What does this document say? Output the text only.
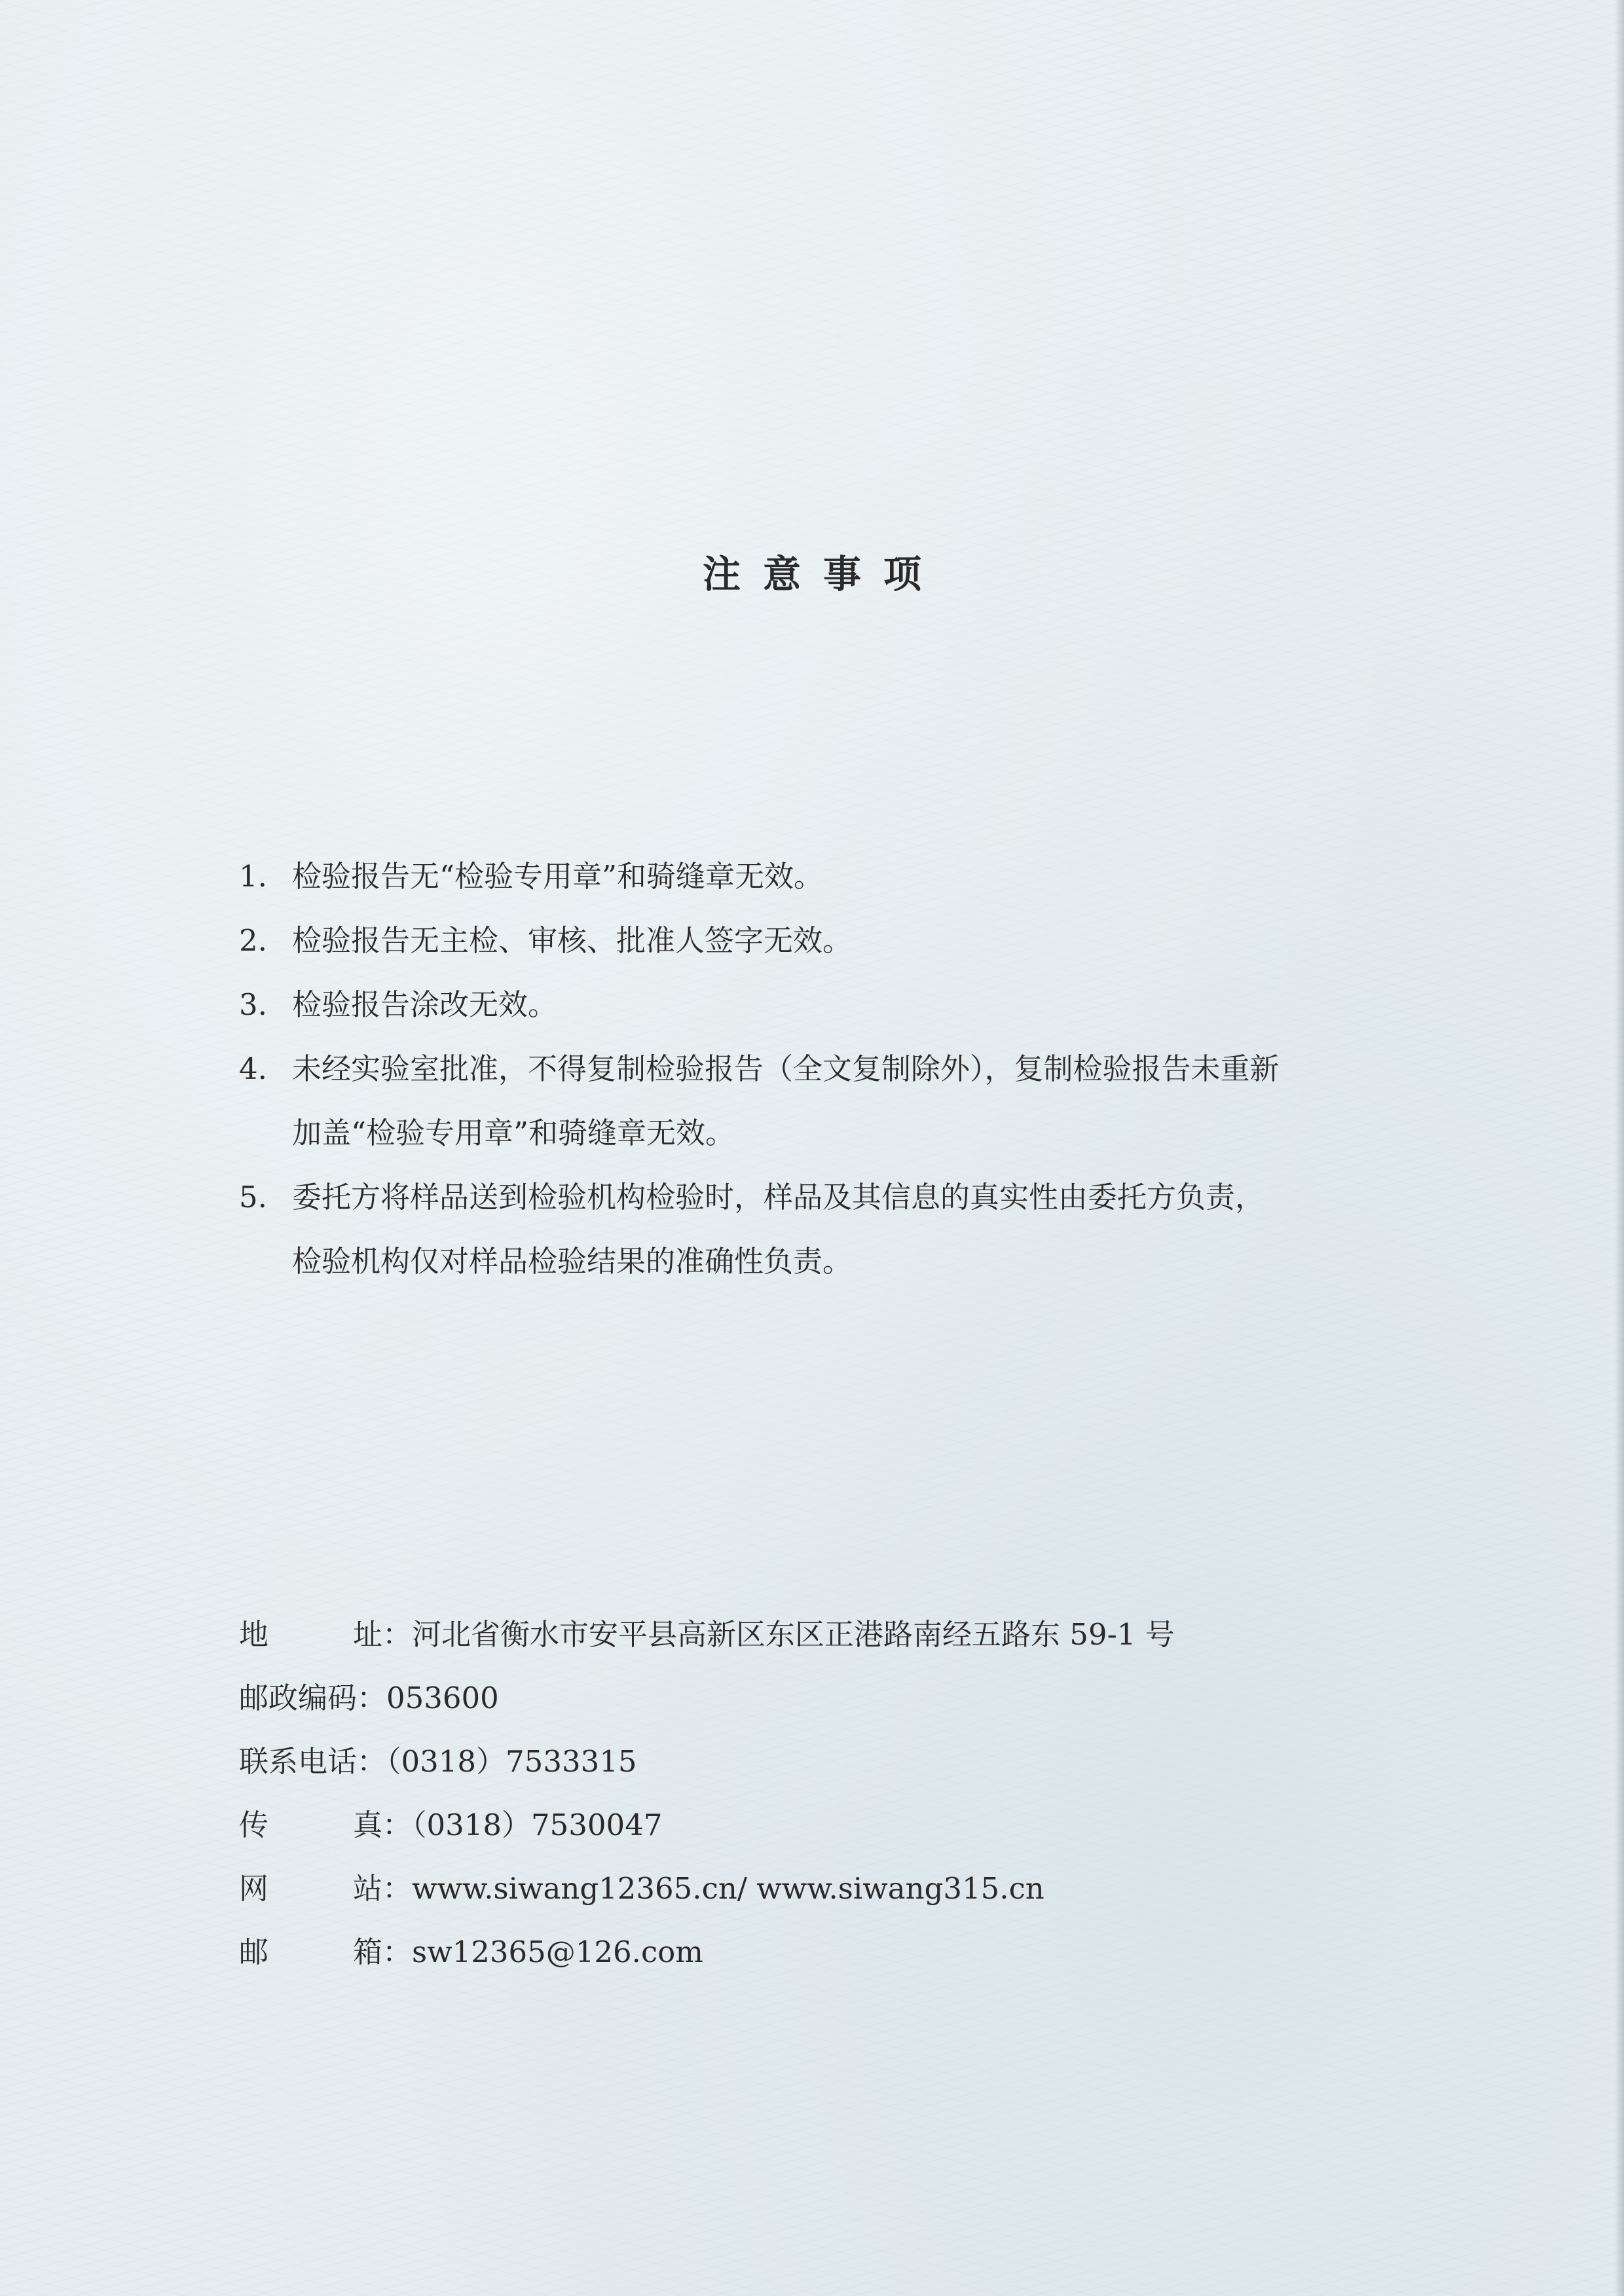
注意事项
1. 检验报告无“检验专用章”和骑缝章无效。
2. 检验报告无主检、审核、批准人签字无效。
3. 检验报告涂改无效。
4. 未经实验室批准，不得复制检验报告（全文复制除外），复制检验报告未重新
加盖“检验专用章”和骑缝章无效。
5. 委托方将样品送到检验机构检验时，样品及其信息的真实性由委托方负责，
检验机构仅对样品检验结果的准确性负责。
地	址 ：河北省衡水市安平县高新区东区正港路南经五路东 59-1 号
邮政编码：053600
联系电话：（0318）7533315
传	真 ：（0318）7530047
网	站 ：www.siwang12365.cn/ www.siwang315.cn
邮	箱 ：sw12365@126.com
